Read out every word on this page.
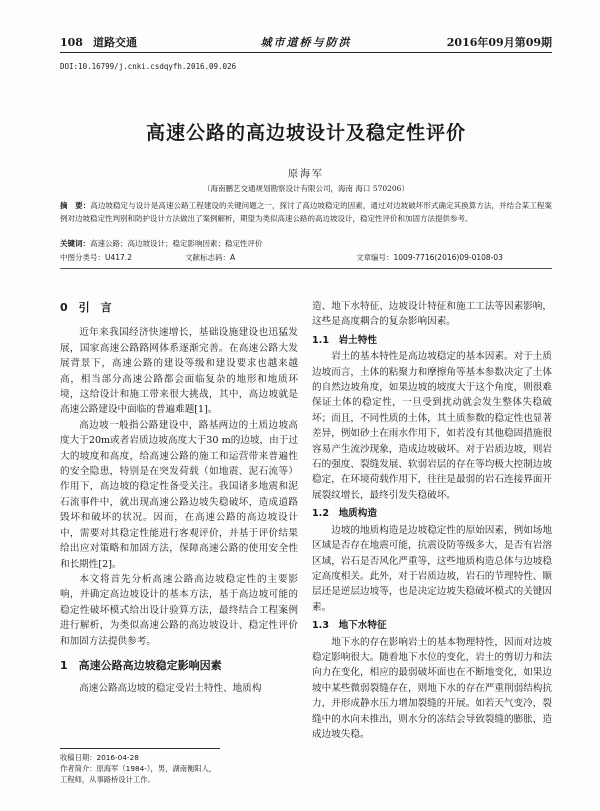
108 道路交通	城市道桥与防洪	2016年09月第09期
DOI:10.16799/j.cnki.csdqyfh.2016.09.026
高速公路的高边坡设计及稳定性评价
原海军
（海南鹏艺交通规划勘察设计有限公司，海南 海口 570206）
摘　要：高边坡稳定与设计是高速公路工程建设的关键问题之一，探讨了高边坡稳定的因素，通过对边坡破坏形式确定其换算方法，并结合某工程案例对边坡稳定性判别和防护设计方法做出了案例解析，期望为类似高速公路的高边坡设计，稳定性评价和加固方法提供参考。
关键词：高速公路；高边坡设计；稳定影响因素；稳定性评价
中图分类号：U417.2	文献标志码：A	文章编号：1009-7716(2016)09-0108-03
0　引　言

近年来我国经济快速增长，基础设施建设也迅猛发展，国家高速公路路网体系逐渐完善。在高速公路大发展背景下，高速公路的建设等级和建设要求也越来越高，相当部分高速公路都会面临复杂的地形和地质环境，这给设计和施工带来很大挑战，其中，高边坡就是高速公路建设中面临的普遍难题[1]。

高边坡一般指公路建设中，路基两边的土质边坡高度大于20m或者岩质边坡高度大于30 m的边坡，由于过大的坡度和高度，给高速公路的施工和运营带来普遍性的安全隐患，特别是在突发荷载（如地震、泥石流等）作用下，高边坡的稳定性备受关注。我国诸多地震和泥石流事件中，就出现高速公路边坡失稳破坏，造成道路毁坏和破坏的状况。因而，在高速公路的高边坡设计中，需要对其稳定性能进行客观评价，并基于评价结果给出应对策略和加固方法，保障高速公路的使用安全性和长期性[2]。

本文将首先分析高速公路高边坡稳定性的主要影响，并确定高边坡设计的基本方法，基于高边坡可能的稳定性破坏模式给出设计验算方法，最终结合工程案例进行解析，为类似高速公路的高边坡设计、稳定性评价和加固方法提供参考。

1　高速公路高边坡稳定影响因素

高速公路高边坡的稳定受岩土特性、地质构

造、地下水特征、边坡设计特征和施工工法等因素影响，这些是高度耦合的复杂影响因素。

1.1　岩土特性

岩土的基本特性是高边坡稳定的基本因素。对于土质边坡而言，土体的粘聚力和摩擦角等基本参数决定了土体的自然边坡角度，如果边坡的坡度大于这个角度，则很难保证土体的稳定性，一旦受到扰动就会发生整体失稳破坏；而且，不同性质的土体，其土质参数的稳定性也显著差异，例如砂土在雨水作用下，如若没有其他稳固措施很容易产生流沙现象，造成边坡破坏。对于岩质边坡，则岩石的强度、裂缝发展、软弱岩层的存在等均极大控制边坡稳定，在环境荷载作用下，往往是最弱的岩石连接界面开展裂纹增长，最终引发失稳破坏。

1.2　地质构造

边坡的地质构造是边坡稳定性的原始因素，例如场地区域是否存在地震可能，抗震设防等级多大，是否有岩溶区域，岩石是否风化严重等，这些地质构造总体与边坡稳定高度相关。此外，对于岩质边坡，岩石的节理特性、顺层还是逆层边坡等，也是决定边坡失稳破坏模式的关键因素。

1.3　地下水特征

地下水的存在影响岩土的基本物理特性，因而对边坡稳定影响很大。随着地下水位的变化，岩土的剪切力和法向力在变化，相应的最弱破坏面也在不断地变化，如果边坡中某些微弱裂缝存在，则地下水的存在严重削弱结构抗力，并形成静水压力增加裂缝的开展。如若天气变冷，裂缝中的水向未推出，则水分的冻结会导致裂缝的膨胀，造成边坡失稳。

收稿日期：2016-04-28
作者简介：原海军（1984-），男，湖南衡阳人，工程师，从事路桥设计工作。
